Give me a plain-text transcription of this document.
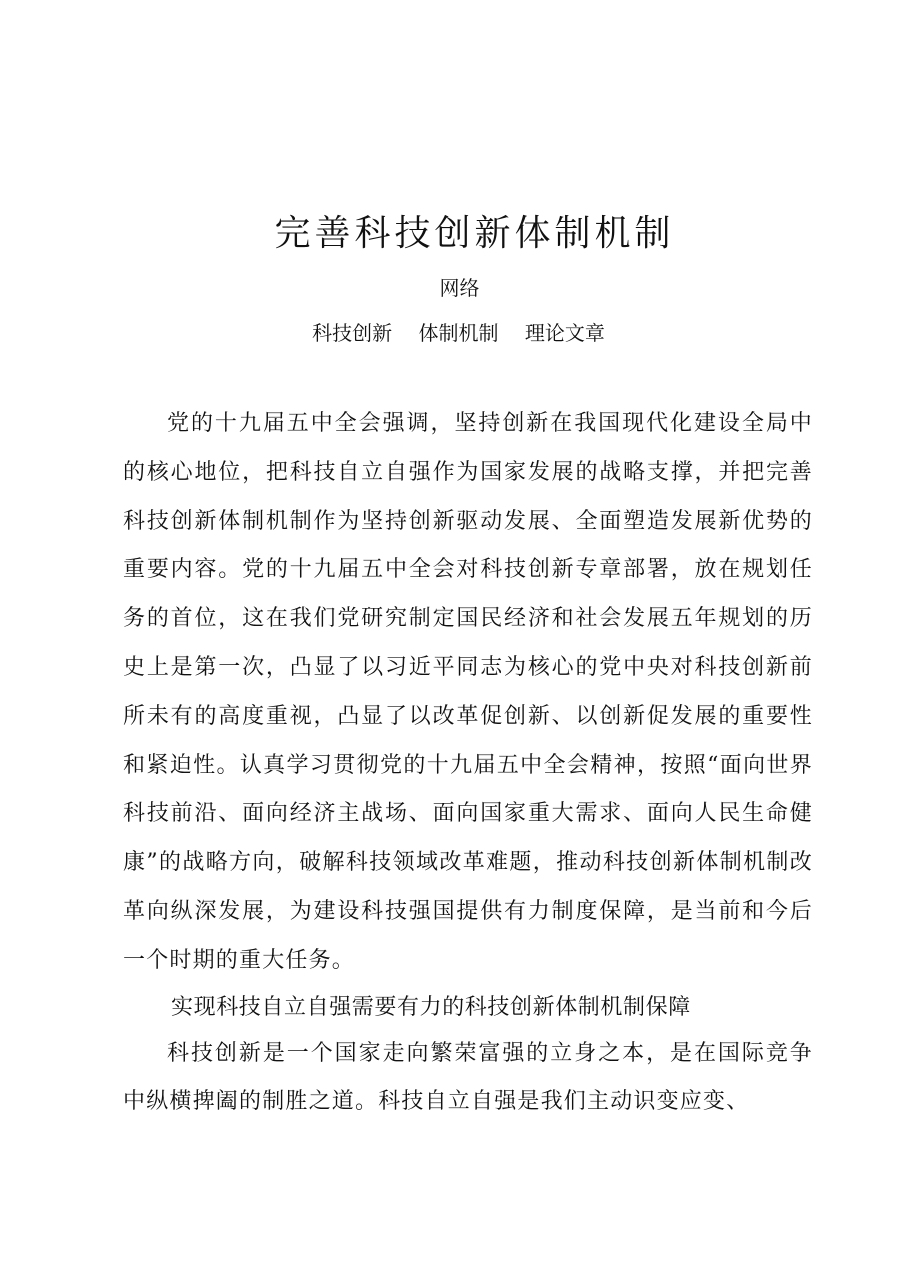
完善科技创新体制机制
网络
科技创新 体制机制 理论文章

党的十九届五中全会强调，坚持创新在我国现代化建设全局中的核心地位，把科技自立自强作为国家发展的战略支撑，并把完善科技创新体制机制作为坚持创新驱动发展、全面塑造发展新优势的重要内容。党的十九届五中全会对科技创新专章部署，放在规划任务的首位，这在我们党研究制定国民经济和社会发展五年规划的历史上是第一次，凸显了以习近平同志为核心的党中央对科技创新前所未有的高度重视，凸显了以改革促创新、以创新促发展的重要性和紧迫性。认真学习贯彻党的十九届五中全会精神，按照“面向世界科技前沿、面向经济主战场、面向国家重大需求、面向人民生命健康”的战略方向，破解科技领域改革难题，推动科技创新体制机制改革向纵深发展，为建设科技强国提供有力制度保障，是当前和今后一个时期的重大任务。

实现科技自立自强需要有力的科技创新体制机制保障

科技创新是一个国家走向繁荣富强的立身之本，是在国际竞争中纵横捭阖的制胜之道。科技自立自强是我们主动识变应变、
